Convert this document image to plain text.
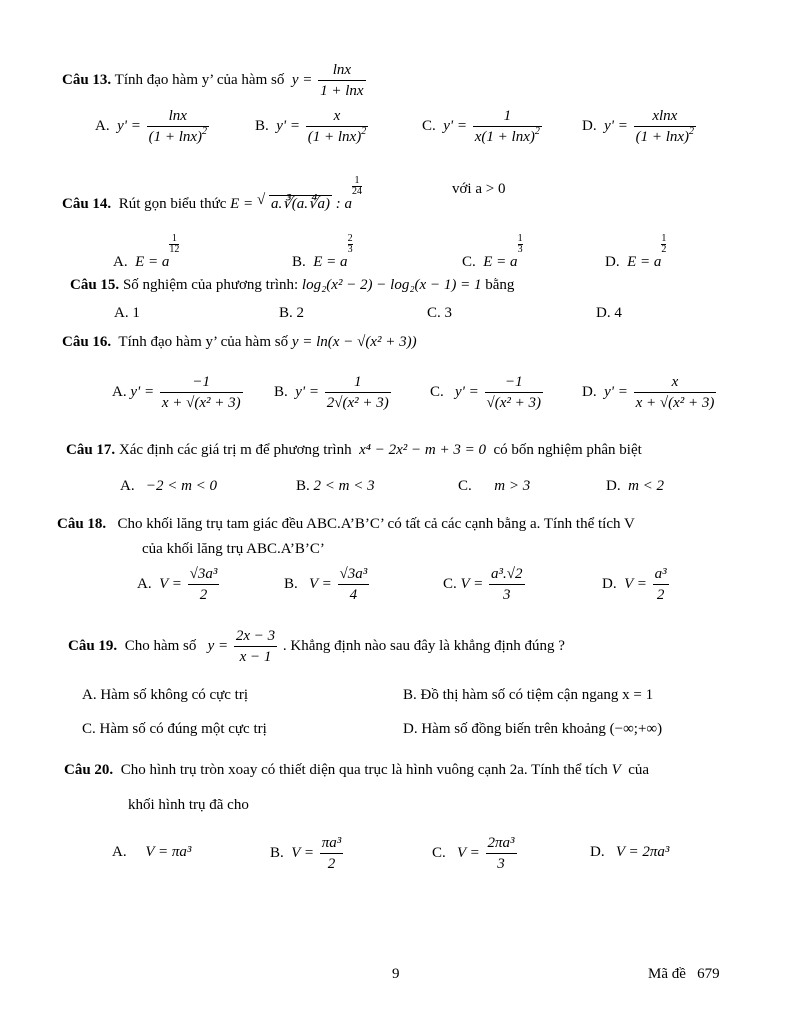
Câu 13. Tính đạo hàm y’ của hàm số $y = \frac{\ln x}{1 + \ln x}$
A. $y' = \frac{\ln x}{(1 + \ln x)^2}$	B. $y' = \frac{x}{(1 + \ln x)^2}$	C. $y' = \frac{1}{x(1 + \ln x)^2}$	D. $y' = \frac{xlnx}{(1 + \ln x)^2}$
Câu 14. Rút gọn biểu thức E = √ a.∛(a.∜a) : a
$\frac{1}{24}$	với a > 0
A. E = a
$\frac{1}{12}$
B. E = a
$\frac{2}{3}$
C. E = a
$\frac{1}{3}$
D. E = a
$\frac{1}{2}$
Câu 15. Số nghiệm của phương trình: log₂(x² − 2) − log₂(x − 1) = 1 bằng
A. 1	B. 2	C. 3	D. 4
Câu 16. Tính đạo hàm y’ của hàm số y = ln(x − √(x² + 3))
A. $y' = \frac{-1}{\text{x + √(x² + 3)}} B$. $y' = \frac{1}{\text{2√(x² + 3)}}$	C. $y' = \frac{-1}{\text{√(x² + 3)}}$	D. $y' = \frac{x}{\text{x + √(x² + 3)}}$
Câu 17. Xác định các giá trị m để phương trình x⁴ − 2x² − m + 3 = 0 có bốn nghiệm phân biệt
A. −2 < m < 0	B. 2 < m < 3	C. m > 3	D. m < 2
Câu 18. Cho khối lăng trụ tam giác đều ABC.A’B’C’ có tất cả các cạnh bằng a. Tính thể tích V
của khối lăng trụ ABC.A’B’C’
A. $V = \frac{\text{√3a³}}{2}$	B. $V = \frac{\text{√3a³}}{4}$	C. $V = \frac{\text{a³.√2}}{3}$	D. $V = \frac{\text{a³}}{2}$
Câu 19. Cho hàm số $y = \frac{2x - 3}{x - 1}$ . Khẳng định nào sau đây là khẳng định đúng ?
A. Hàm số không có cực trị	B. Đồ thị hàm số có tiệm cận ngang x = 1
C. Hàm số có đúng một cực trị	D. Hàm số đồng biến trên khoảng (−∞;+∞)
Câu 20. Cho hình trụ tròn xoay có thiết diện qua trục là hình vuông cạnh 2a. Tính thể tích V của
khối hình trụ đã cho
A. V = πa³	B. $V = \frac{\text{πa³}}{2}$	C. $V = \frac{\text{2πa³}}{3}$	D. V = 2πa³
9	Mã đề 679
